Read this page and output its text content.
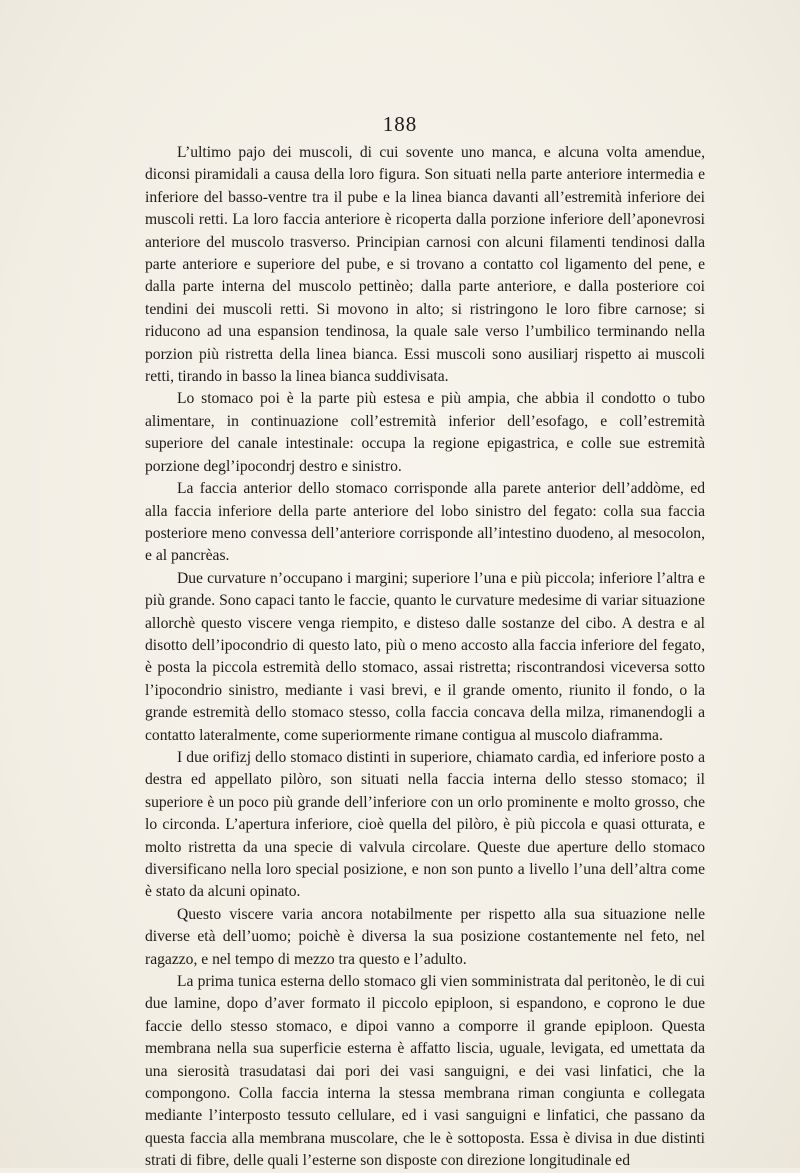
188

L’ultimo pajo dei muscoli, di cui sovente uno manca, e alcuna volta amendue, diconsi piramidali a causa della loro figura. Son situati nella parte anteriore intermedia e inferiore del basso-ventre tra il pube e la linea bianca davanti all’estremità inferiore dei muscoli retti. La loro faccia anteriore è ricoperta dalla porzione inferiore dell’aponevrosi anteriore del muscolo trasverso. Principian carnosi con alcuni filamenti tendinosi dalla parte anteriore e superiore del pube, e si trovano a contatto col ligamento del pene, e dalla parte interna del muscolo pettinèo; dalla parte anteriore, e dalla posteriore coi tendini dei muscoli retti. Si movono in alto; si ristringono le loro fibre carnose; si riducono ad una espansion tendinosa, la quale sale verso l’umbilico terminando nella porzion più ristretta della linea bianca. Essi muscoli sono ausiliarj rispetto ai muscoli retti, tirando in basso la linea bianca suddivisata.

Lo stomaco poi è la parte più estesa e più ampia, che abbia il condotto o tubo alimentare, in continuazione coll’estremità inferior dell’esofago, e coll’estremità superiore del canale intestinale: occupa la regione epigastrica, e colle sue estremità porzione degl’ipocondrj destro e sinistro.

La faccia anterior dello stomaco corrisponde alla parete anterior dell’addòme, ed alla faccia inferiore della parte anteriore del lobo sinistro del fegato: colla sua faccia posteriore meno convessa dell’anteriore corrisponde all’intestino duodeno, al mesocolon, e al pancrèas.

Due curvature n’occupano i margini; superiore l’una e più piccola; inferiore l’altra e più grande. Sono capaci tanto le faccie, quanto le curvature medesime di variar situazione allorchè questo viscere venga riempito, e disteso dalle sostanze del cibo. A destra e al disotto dell’ipocondrio di questo lato, più o meno accosto alla faccia inferiore del fegato, è posta la piccola estremità dello stomaco, assai ristretta; riscontrandosi viceversa sotto l’ipocondrio sinistro, mediante i vasi brevi, e il grande omento, riunito il fondo, o la grande estremità dello stomaco stesso, colla faccia concava della milza, rimanendogli a contatto lateralmente, come superiormente rimane contigua al muscolo diaframma.

I due orifizj dello stomaco distinti in superiore, chiamato cardìa, ed inferiore posto a destra ed appellato pilòro, son situati nella faccia interna dello stesso stomaco; il superiore è un poco più grande dell’inferiore con un orlo prominente e molto grosso, che lo circonda. L’apertura inferiore, cioè quella del pilòro, è più piccola e quasi otturata, e molto ristretta da una specie di valvula circolare. Queste due aperture dello stomaco diversificano nella loro special posizione, e non son punto a livello l’una dell’altra come è stato da alcuni opinato.

Questo viscere varia ancora notabilmente per rispetto alla sua situazione nelle diverse età dell’uomo; poichè è diversa la sua posizione costantemente nel feto, nel ragazzo, e nel tempo di mezzo tra questo e l’adulto.

La prima tunica esterna dello stomaco gli vien somministrata dal peritonèo, le di cui due lamine, dopo d’aver formato il piccolo epiploon, si espandono, e coprono le due faccie dello stesso stomaco, e dipoi vanno a comporre il grande epiploon. Questa membrana nella sua superficie esterna è affatto liscia, uguale, levigata, ed umettata da una sierosità trasudatasi dai pori dei vasi sanguigni, e dei vasi linfatici, che la compongono. Colla faccia interna la stessa membrana riman congiunta e collegata mediante l’interposto tessuto cellulare, ed i vasi sanguigni e linfatici, che passano da questa faccia alla membrana muscolare, che le è sottoposta. Essa è divisa in due distinti strati di fibre, delle quali l’esterne son disposte con direzione longitudinale ed
